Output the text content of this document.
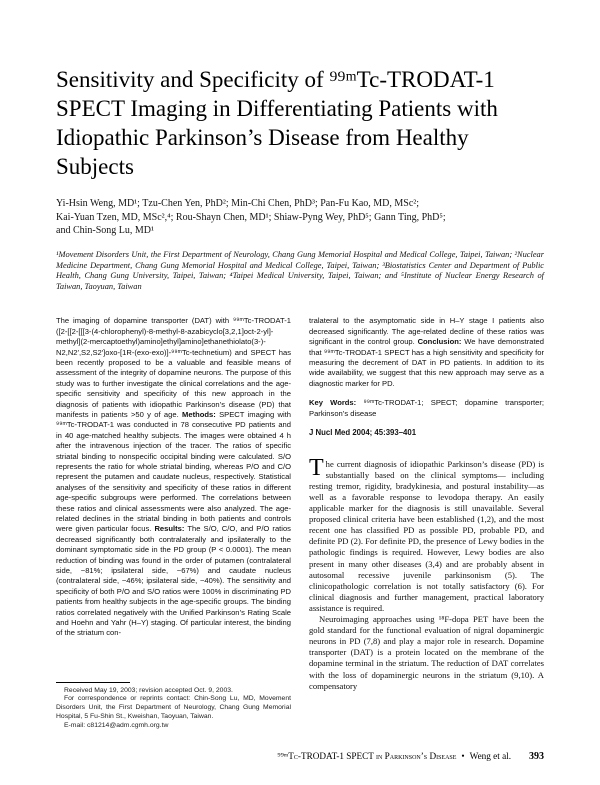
Sensitivity and Specificity of ⁹⁹ᵐTc-TRODAT-1
SPECT Imaging in Differentiating Patients with
Idiopathic Parkinson’s Disease from Healthy
Subjects
Yi-Hsin Weng, MD¹; Tzu-Chen Yen, PhD²; Min-Chi Chen, PhD³; Pan-Fu Kao, MD, MSc²;
Kai-Yuan Tzen, MD, MSc²,⁴; Rou-Shayn Chen, MD¹; Shiaw-Pyng Wey, PhD⁵; Gann Ting, PhD⁵;
and Chin-Song Lu, MD¹

¹Movement Disorders Unit, the First Department of Neurology, Chang Gung Memorial Hospital and Medical College, Taipei, Taiwan; ²Nuclear Medicine Department, Chang Gung Memorial Hospital and Medical College, Taipei, Taiwan; ³Biostatistics Center and Department of Public Health, Chang Gung University, Taipei, Taiwan; ⁴Taipei Medical University, Taipei, Taiwan; and ⁵Institute of Nuclear Energy Research of Taiwan, Taoyuan, Taiwan

The imaging of dopamine transporter (DAT) with ⁹⁹ᵐTc-TRODAT-1 ([2-[[2-[[[3-(4-chlorophenyl)-8-methyl-8-azabicyclo[3,2,1]oct-2-yl]-methyl](2-mercaptoethyl)amino]ethyl]amino]ethanethiolato(3-)-N2,N2′,S2,S2′]oxo-[1R-(exo-exo)]-⁹⁹ᵐTc-technetium) and SPECT has been recently proposed to be a valuable and feasible means of assessment of the integrity of dopamine neurons. The purpose of this study was to further investigate the clinical correlations and the age-specific sensitivity and specificity of this new approach in the diagnosis of patients with idiopathic Parkinson’s disease (PD) that manifests in patients >50 y of age. Methods: SPECT imaging with ⁹⁹ᵐTc-TRODAT-1 was conducted in 78 consecutive PD patients and in 40 age-matched healthy subjects. The images were obtained 4 h after the intravenous injection of the tracer. The ratios of specific striatal binding to nonspecific occipital binding were calculated. S/O represents the ratio for whole striatal binding, whereas P/O and C/O represent the putamen and caudate nucleus, respectively. Statistical analyses of the sensitivity and specificity of these ratios in different age-specific subgroups were performed. The correlations between these ratios and clinical assessments were also analyzed. The age-related declines in the striatal binding in both patients and controls were given particular focus. Results: The S/O, C/O, and P/O ratios decreased significantly both contralaterally and ipsilaterally to the dominant symptomatic side in the PD group (P < 0.0001). The mean reduction of binding was found in the order of putamen (contralateral side, −81%; ipsilateral side, −67%) and caudate nucleus (contralateral side, −46%; ipsilateral side, −40%). The sensitivity and specificity of both P/O and S/O ratios were 100% in discriminating PD patients from healthy subjects in the age-specific groups. The binding ratios correlated negatively with the Unified Parkinson’s Rating Scale and Hoehn and Yahr (H–Y) staging. Of particular interest, the binding of the striatum con-

Received May 19, 2003; revision accepted Oct. 9, 2003.

For correspondence or reprints contact: Chin-Song Lu, MD, Movement Disorders Unit, the First Department of Neurology, Chang Gung Memorial Hospital, 5 Fu-Shin St., Kweishan, Taoyuan, Taiwan.

E-mail: c81214@adm.cgmh.org.tw

tralateral to the asymptomatic side in H–Y stage I patients also decreased significantly. The age-related decline of these ratios was significant in the control group. Conclusion: We have demonstrated that ⁹⁹ᵐTc-TRODAT-1 SPECT has a high sensitivity and specificity for measuring the decrement of DAT in PD patients. In addition to its wide availability, we suggest that this new approach may serve as a diagnostic marker for PD.

Key Words: ⁹⁹ᵐTc-TRODAT-1; SPECT; dopamine transporter; Parkinson’s disease

J Nucl Med 2004; 45:393–401

T he current diagnosis of idiopathic Parkinson’s disease (PD) is substantially based on the clinical symptoms— including resting tremor, rigidity, bradykinesia, and postural instability—as well as a favorable response to levodopa therapy. An easily applicable marker for the diagnosis is still unavailable. Several proposed clinical criteria have been established (1,2), and the most recent one has classified PD as possible PD, probable PD, and definite PD (2). For definite PD, the presence of Lewy bodies in the pathologic findings is required. However, Lewy bodies are also present in many other diseases (3,4) and are probably absent in autosomal recessive juvenile parkinsonism (5). The clinicopathologic correlation is not totally satisfactory (6). For clinical diagnosis and further management, practical laboratory assistance is required.

Neuroimaging approaches using ¹⁸F-dopa PET have been the gold standard for the functional evaluation of nigral dopaminergic neurons in PD (7,8) and play a major role in research. Dopamine transporter (DAT) is a protein located on the membrane of the dopamine terminal in the striatum. The reduction of DAT correlates with the loss of dopaminergic neurons in the striatum (9,10). A compensatory

⁹⁹ᵐTc-TRODAT-1 SPECT in Parkinson’s Disease • Weng et al. 393
